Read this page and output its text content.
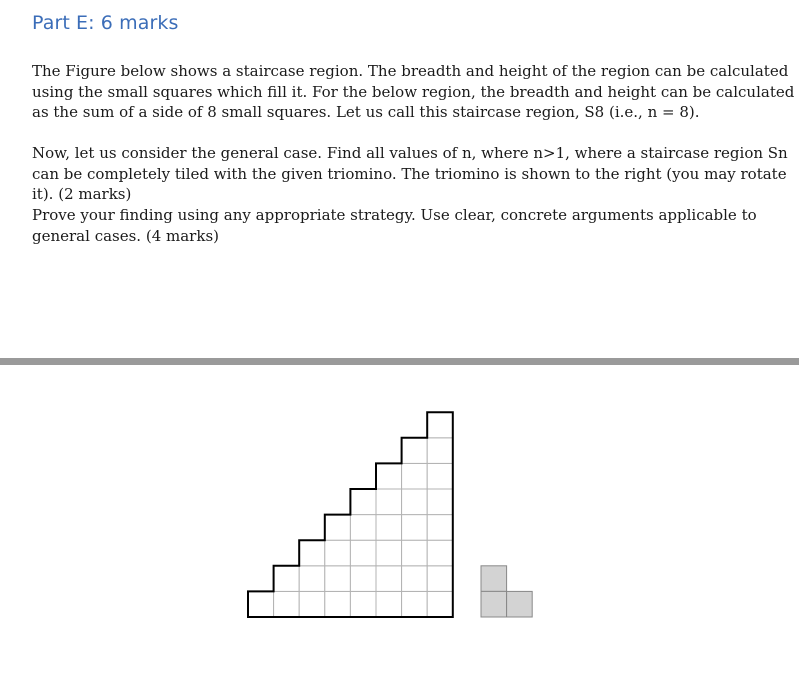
Part E: 6 marks
The Figure below shows a staircase region. The breadth and height of the region can be calculated
using the small squares which fill it. For the below region, the breadth and height can be calculated
as the sum of a side of 8 small squares. Let us call this staircase region, S8 (i.e., n = 8).
Now, let us consider the general case. Find all values of n, where n>1, where a staircase region Sn
can be completely tiled with the given triomino. The triomino is shown to the right (you may rotate
it). (2 marks)
Prove your finding using any appropriate strategy. Use clear, concrete arguments applicable to
general cases. (4 marks)
